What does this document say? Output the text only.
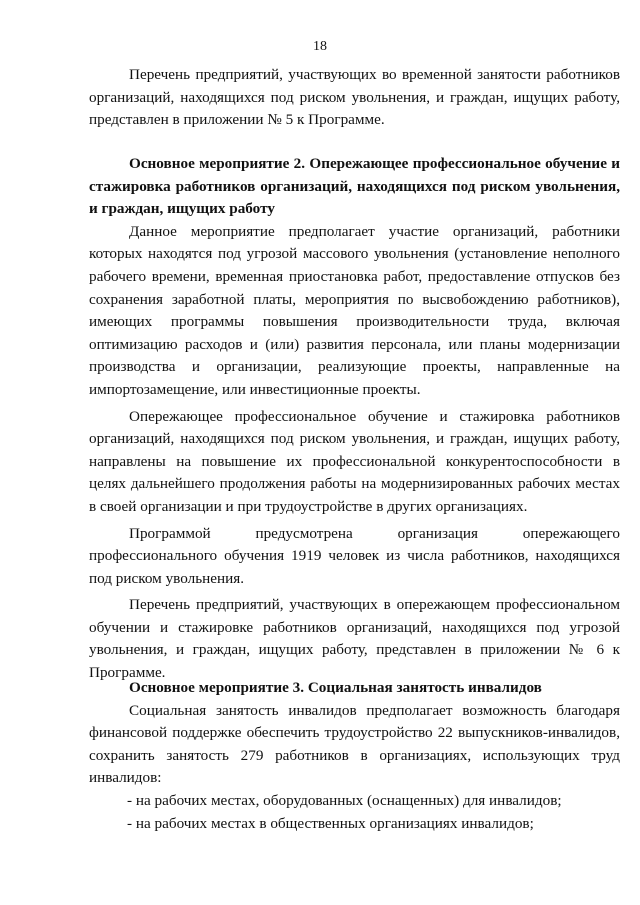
18

Перечень предприятий, участвующих во временной занятости работников организаций, находящихся под риском увольнения, и граждан, ищущих работу, представлен в приложении № 5 к Программе.

Основное мероприятие 2. Опережающее профессиональное обучение и стажировка работников организаций, находящихся под риском увольнения, и граждан, ищущих работу

Данное мероприятие предполагает участие организаций, работники которых находятся под угрозой массового увольнения (установление неполного рабочего времени, временная приостановка работ, предоставление отпусков без сохранения заработной платы, мероприятия по высвобождению работников), имеющих программы повышения производительности труда, включая оптимизацию расходов и (или) развития персонала, или планы модернизации производства и организации, реализующие проекты, направленные на импортозамещение, или инвестиционные проекты.

Опережающее профессиональное обучение и стажировка работников организаций, находящихся под риском увольнения, и граждан, ищущих работу, направлены на повышение их профессиональной конкурентоспособности в целях дальнейшего продолжения работы на модернизированных рабочих местах в своей организации и при трудоустройстве в других организациях.

Программой предусмотрена организация опережающего профессионального обучения 1919 человек из числа работников, находящихся под риском увольнения.

Перечень предприятий, участвующих в опережающем профессиональном обучении и стажировке работников организаций, находящихся под угрозой увольнения, и граждан, ищущих работу, представлен в приложении № 6 к Программе.

Основное мероприятие 3. Социальная занятость инвалидов

Социальная занятость инвалидов предполагает возможность благодаря финансовой поддержке обеспечить трудоустройство 22 выпускников-инвалидов, сохранить занятость 279 работников в организациях, использующих труд инвалидов:

- на рабочих местах, оборудованных (оснащенных) для инвалидов;

- на рабочих местах в общественных организациях инвалидов;
